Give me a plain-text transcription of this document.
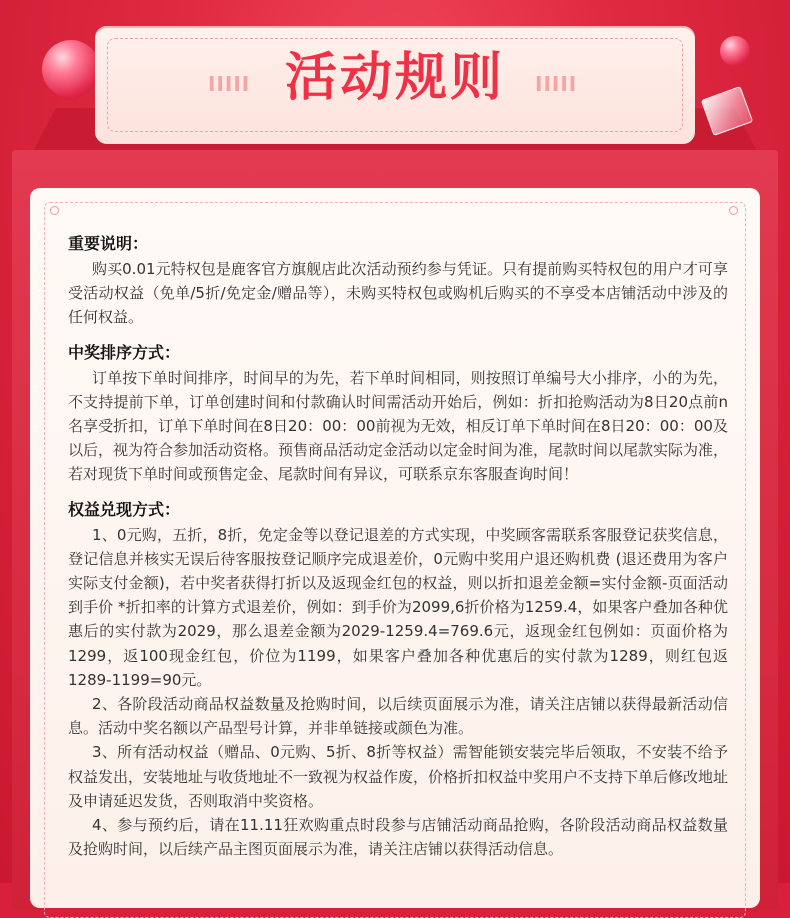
IIIII	IIIII
活动规则
重要说明：

购买0.01元特权包是鹿客官方旗舰店此次活动预约参与凭证。只有提前购买特权包的用户才可享受活动权益（免单/5折/免定金/赠品等），未购买特权包或购机后购买的不享受本店铺活动中涉及的任何权益。

中奖排序方式：

订单按下单时间排序，时间早的为先，若下单时间相同，则按照订单编号大小排序，小的为先，不支持提前下单，订单创建时间和付款确认时间需活动开始后，例如：折扣抢购活动为8日20点前n名享受折扣，订单下单时间在8日20：00：00前视为无效，相反订单下单时间在8日20：00：00及以后，视为符合参加活动资格。预售商品活动定金活动以定金时间为准，尾款时间以尾款实际为准，若对现货下单时间或预售定金、尾款时间有异议，可联系京东客服查询时间！

权益兑现方式：

1、0元购，五折，8折，免定金等以登记退差的方式实现，中奖顾客需联系客服登记获奖信息，登记信息并核实无误后待客服按登记顺序完成退差价，0元购中奖用户退还购机费 (退还费用为客户实际支付金额)，若中奖者获得打折以及返现金红包的权益，则以折扣退差金额=实付金额-页面活动到手价 *折扣率的计算方式退差价，例如：到手价为2099,6折价格为1259.4，如果客户叠加各种优惠后的实付款为2029，那么退差金额为2029-1259.4=769.6元，返现金红包例如：页面价格为1299，返100现金红包，价位为1199，如果客户叠加各种优惠后的实付款为1289，则红包返1289-1199=90元。

2、各阶段活动商品权益数量及抢购时间，以后续页面展示为准，请关注店铺以获得最新活动信息。活动中奖名额以产品型号计算，并非单链接或颜色为准。

3、所有活动权益（赠品、0元购、5折、8折等权益）需智能锁安装完毕后领取，不安装不给予权益发出，安装地址与收货地址不一致视为权益作废，价格折扣权益中奖用户不支持下单后修改地址及申请延迟发货，否则取消中奖资格。

4、参与预约后，请在11.11狂欢购重点时段参与店铺活动商品抢购，各阶段活动商品权益数量及抢购时间，以后续产品主图页面展示为准，请关注店铺以获得活动信息。
